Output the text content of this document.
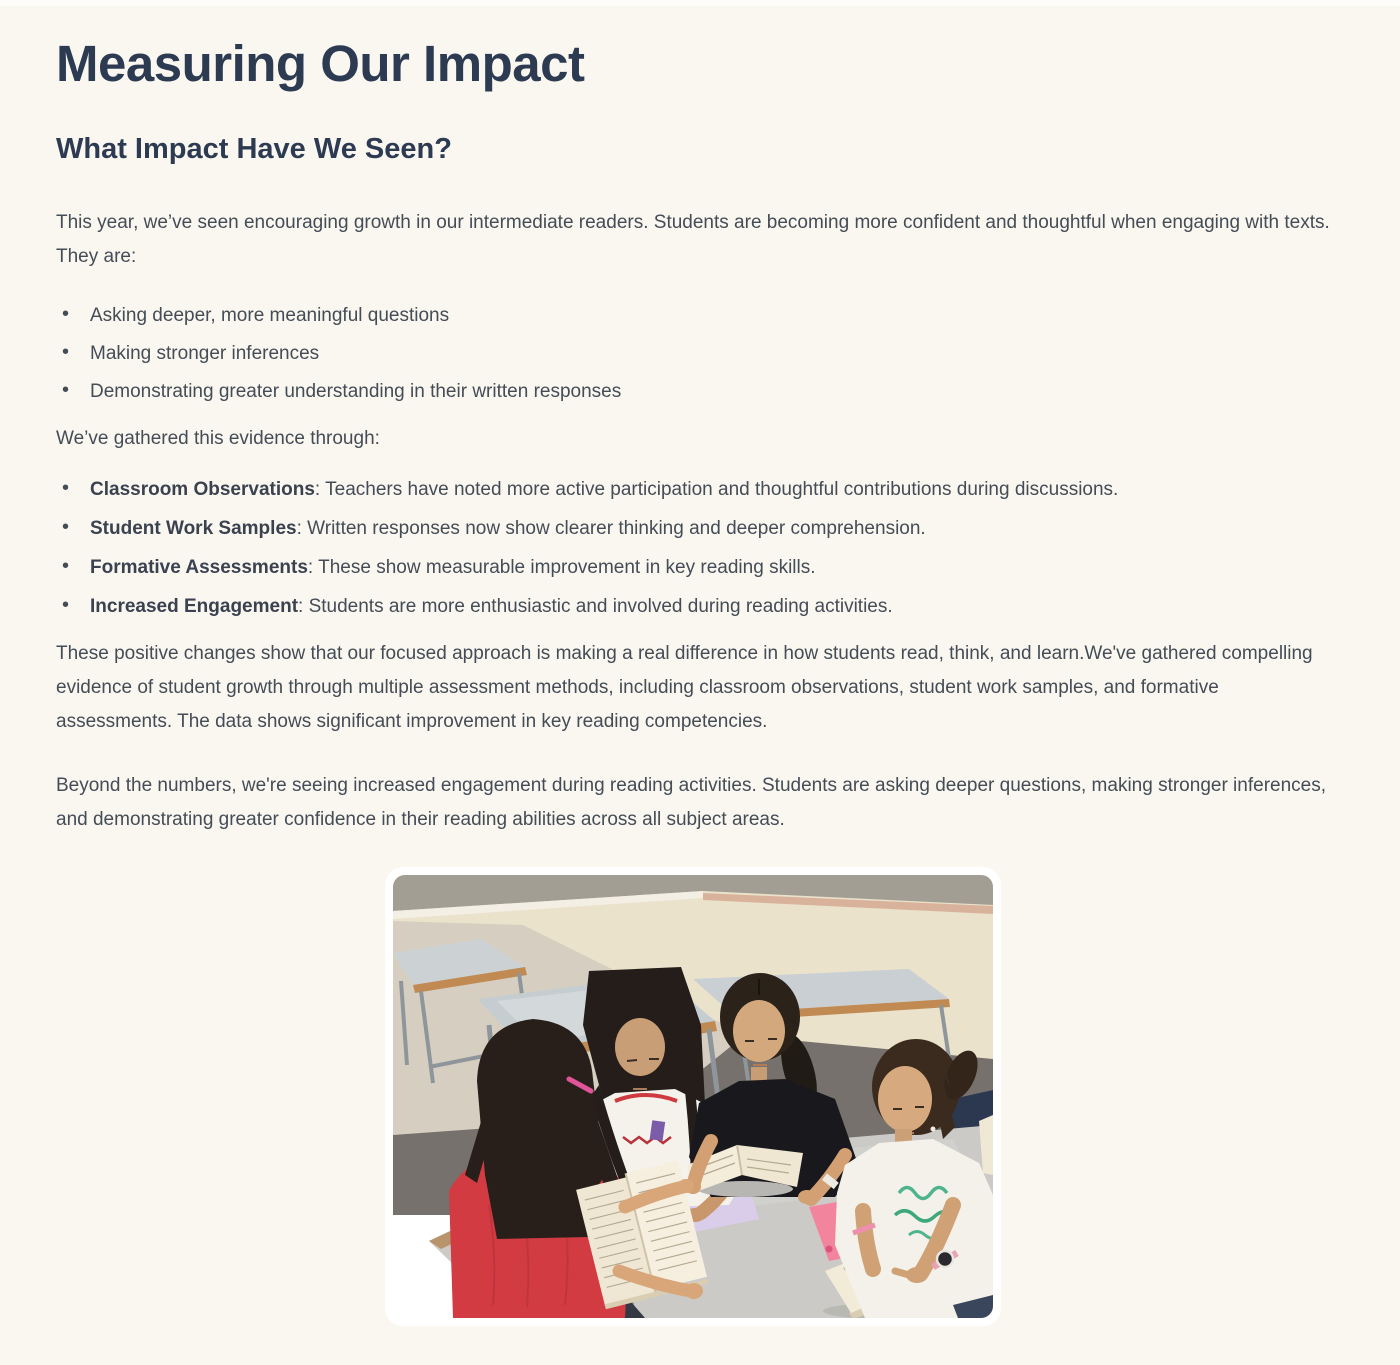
Measuring Our Impact
What Impact Have We Seen?

This year, we’ve seen encouraging growth in our intermediate readers. Students are becoming more confident and thoughtful when engaging with texts. They are:

• Asking deeper, more meaningful questions
• Making stronger inferences
• Demonstrating greater understanding in their written responses

We’ve gathered this evidence through:

• Classroom Observations: Teachers have noted more active participation and thoughtful contributions during discussions.
• Student Work Samples: Written responses now show clearer thinking and deeper comprehension.
• Formative Assessments: These show measurable improvement in key reading skills.
• Increased Engagement: Students are more enthusiastic and involved during reading activities.

These positive changes show that our focused approach is making a real difference in how students read, think, and learn.We've gathered compelling evidence of student growth through multiple assessment methods, including classroom observations, student work samples, and formative assessments. The data shows significant improvement in key reading competencies.

Beyond the numbers, we're seeing increased engagement during reading activities. Students are asking deeper questions, making stronger inferences, and demonstrating greater confidence in their reading abilities across all subject areas.
